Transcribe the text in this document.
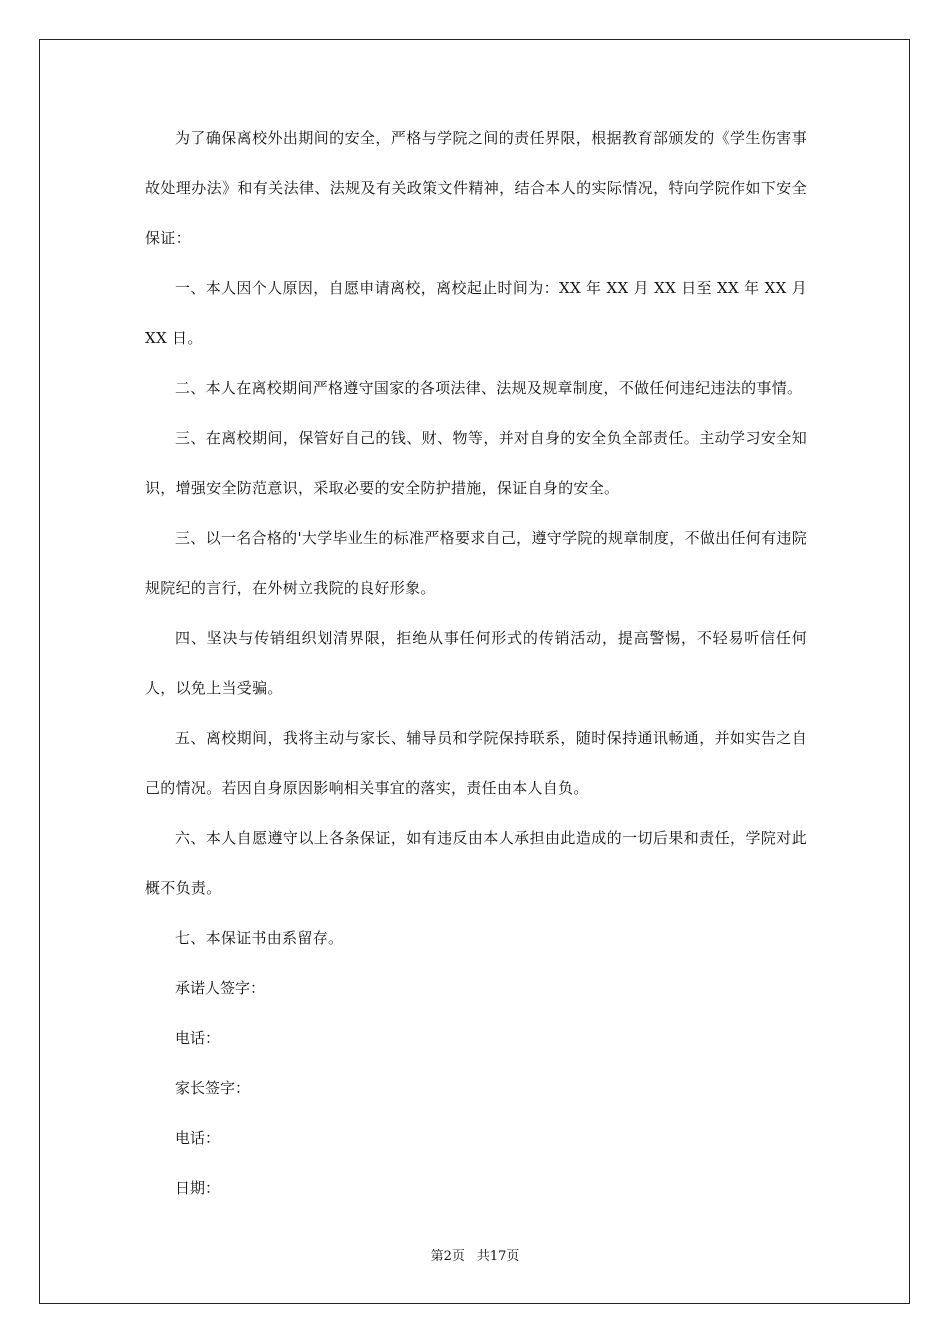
为了确保离校外出期间的安全，严格与学院之间的责任界限，根据教育部颁发的《学生伤害事故处理办法》和有关法律、法规及有关政策文件精神，结合本人的实际情况，特向学院作如下安全保证：

一、本人因个人原因，自愿申请离校，离校起止时间为：XX 年 XX 月 XX 日至 XX 年 XX 月 XX 日。

二、本人在离校期间严格遵守国家的各项法律、法规及规章制度，不做任何违纪违法的事情。

三、在离校期间，保管好自己的钱、财、物等，并对自身的安全负全部责任。主动学习安全知识，增强安全防范意识，采取必要的安全防护措施，保证自身的安全。

三、以一名合格的'大学毕业生的标准严格要求自己，遵守学院的规章制度，不做出任何有违院规院纪的言行，在外树立我院的良好形象。

四、坚决与传销组织划清界限，拒绝从事任何形式的传销活动，提高警惕，不轻易听信任何人，以免上当受骗。

五、离校期间，我将主动与家长、辅导员和学院保持联系，随时保持通讯畅通，并如实告之自己的情况。若因自身原因影响相关事宜的落实，责任由本人自负。

六、本人自愿遵守以上各条保证，如有违反由本人承担由此造成的一切后果和责任，学院对此概不负责。

七、本保证书由系留存。

承诺人签字：

电话：

家长签字：

电话：

日期：

第2页 共17页
